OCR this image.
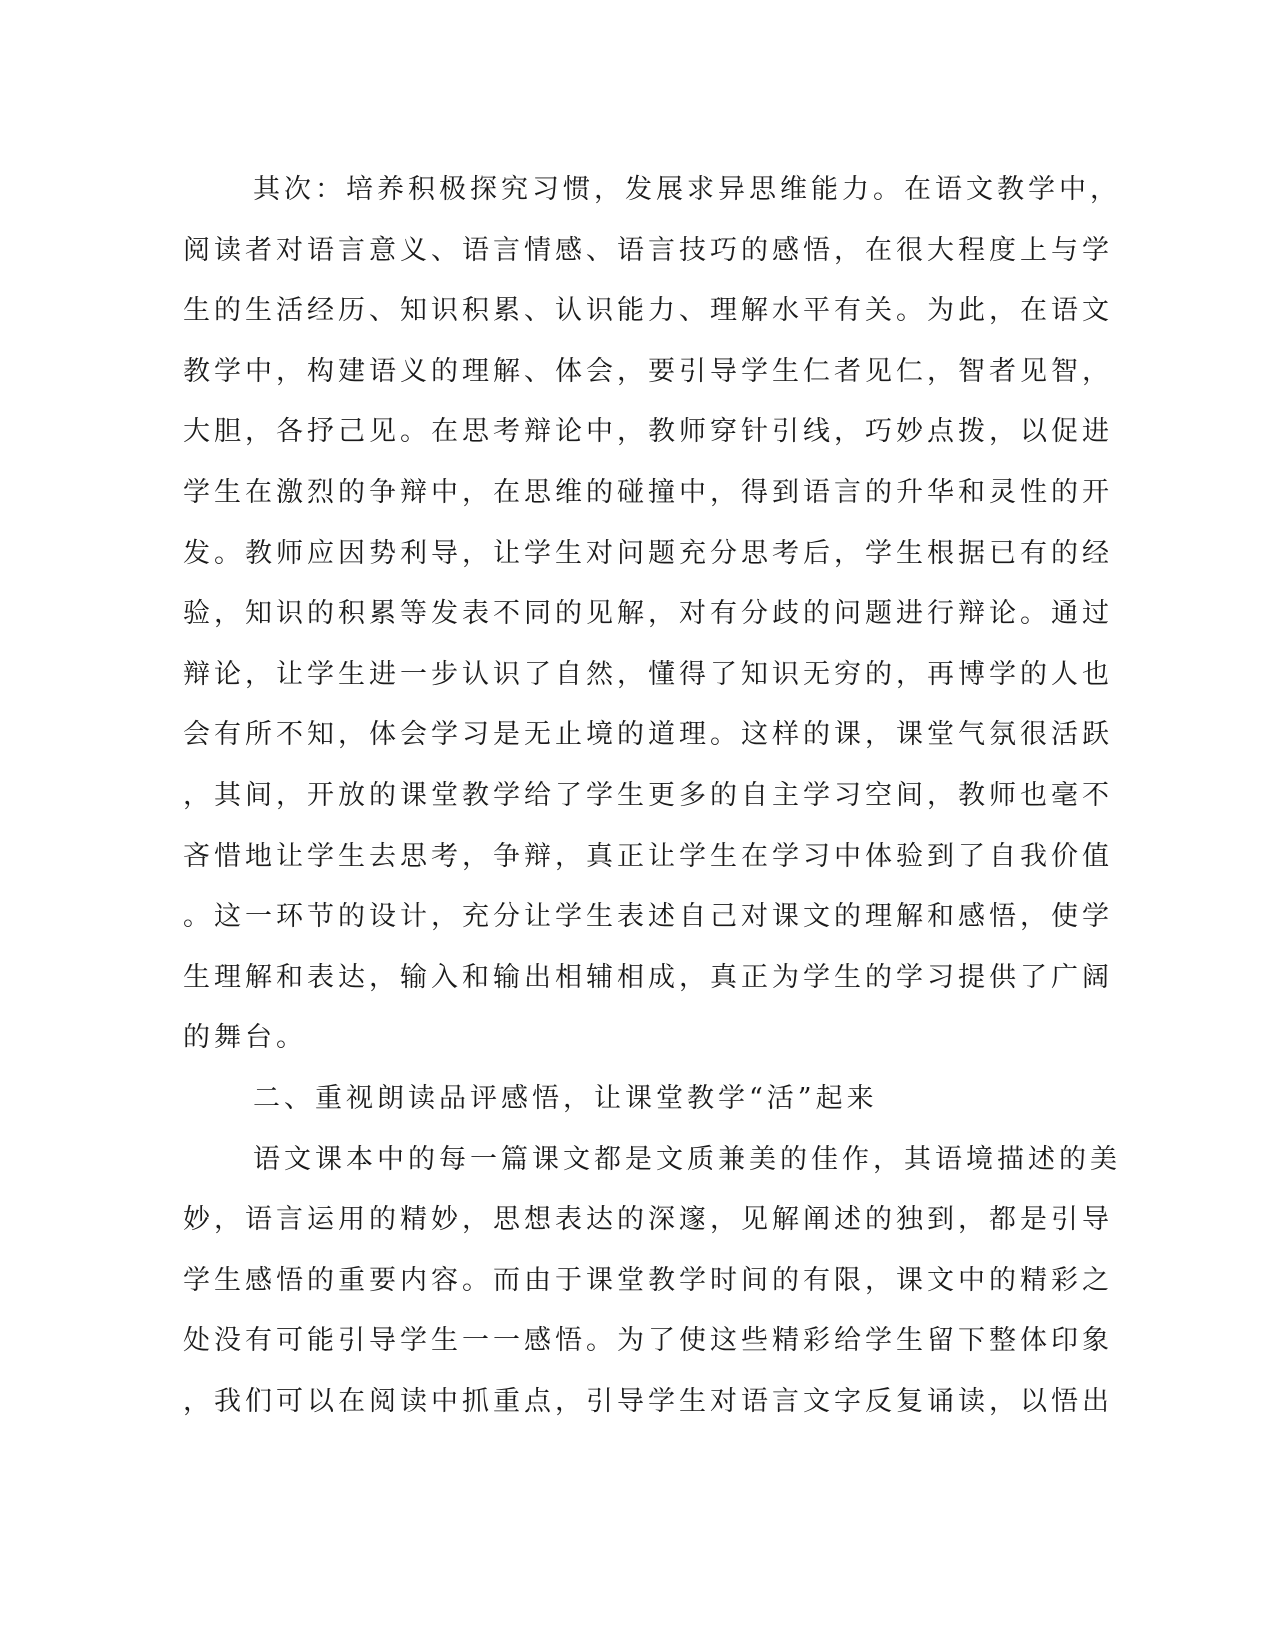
其次：培养积极探究习惯，发展求异思维能力。在语文教学中，
阅读者对语言意义、语言情感、语言技巧的感悟，在很大程度上与学
生的生活经历、知识积累、认识能力、理解水平有关。为此，在语文
教学中，构建语义的理解、体会，要引导学生仁者见仁，智者见智，
大胆，各抒己见。在思考辩论中，教师穿针引线，巧妙点拨，以促进
学生在激烈的争辩中，在思维的碰撞中，得到语言的升华和灵性的开
发。教师应因势利导，让学生对问题充分思考后，学生根据已有的经
验，知识的积累等发表不同的见解，对有分歧的问题进行辩论。通过
辩论，让学生进一步认识了自然，懂得了知识无穷的，再博学的人也
会有所不知，体会学习是无止境的道理。这样的课，课堂气氛很活跃
，其间，开放的课堂教学给了学生更多的自主学习空间，教师也毫不
吝惜地让学生去思考，争辩，真正让学生在学习中体验到了自我价值
。这一环节的设计，充分让学生表述自己对课文的理解和感悟，使学
生理解和表达，输入和输出相辅相成，真正为学生的学习提供了广阔
的舞台。
二、重视朗读品评感悟，让课堂教学“活”起来
语文课本中的每一篇课文都是文质兼美的佳作，其语境描述的美
妙，语言运用的精妙，思想表达的深邃，见解阐述的独到，都是引导
学生感悟的重要内容。而由于课堂教学时间的有限，课文中的精彩之
处没有可能引导学生一一感悟。为了使这些精彩给学生留下整体印象
，我们可以在阅读中抓重点，引导学生对语言文字反复诵读，以悟出
